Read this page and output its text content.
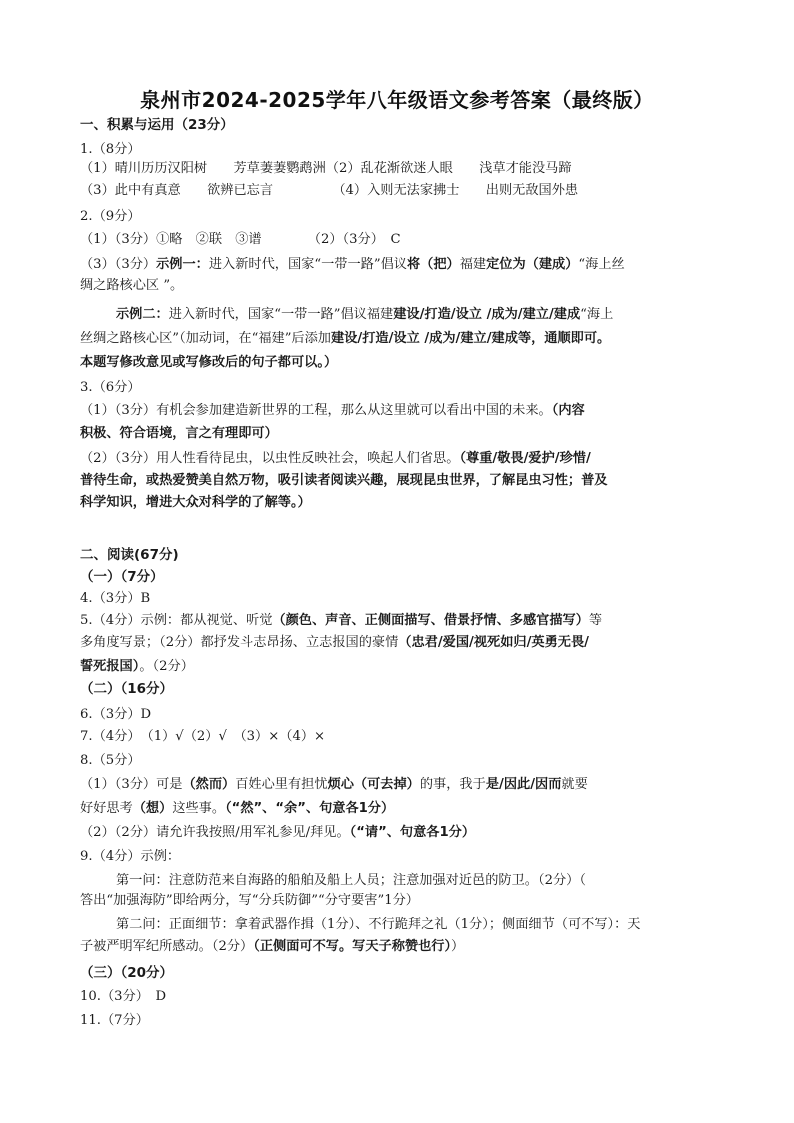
泉州市2024-2025学年八年级语文参考答案（最终版）
一、积累与运用（23分）
1.（8分）
（1）晴川历历汉阳树　　芳草萋萋鹦鹉洲（2）乱花渐欲迷人眼　　浅草才能没马蹄
（3）此中有真意　　欲辨已忘言　　　　　（4）入则无法家拂士　　出则无敌国外患
2.（9分）
（1）（3分）①略　②联　③谱　　　　（2）（3分）　C
（3）（3分）示例一：进入新时代，国家“一带一路”倡议将（把）福建定位为（建成）“海上丝
绸之路核心区 ”。
示例二：进入新时代，国家“一带一路”倡议福建建设/打造/设立 /成为/建立/建成“海上
丝绸之路核心区”（加动词，在“福建”后添加建设/打造/设立 /成为/建立/建成等，通顺即可。
本题写修改意见或写修改后的句子都可以。）
3.（6分）
（1）（3分）有机会参加建造新世界的工程，那么从这里就可以看出中国的未来。（内容
积极、符合语境，言之有理即可）
（2）（3分）用人性看待昆虫，以虫性反映社会，唤起人们省思。（尊重/敬畏/爱护/珍惜/
普待生命，或热爱赞美自然万物，吸引读者阅读兴趣，展现昆虫世界，了解昆虫习性；普及
科学知识，增进大众对科学的了解等。）
二、阅读(67分)
（一）（7分）
4.（3分）B
5.（4分）示例：都从视觉、听觉（颜色、声音、正侧面描写、借景抒情、多感官描写）等
多角度写景；（2分）都抒发斗志昂扬、立志报国的豪情（忠君/爱国/视死如归/英勇无畏/
誓死报国）。（2分）
（二）（16分）
6.（3分）D
7.（4分）　（1）√（2）√　（3）×（4）×
8.（5分）
（1）（3分）可是（然而）百姓心里有担忧烦心（可去掉）的事，我于是/因此/因而就要
好好思考（想）这些事。（“然”、“余”、句意各1分）
（2）（2分）请允许我按照/用军礼参见/拜见。（“请”、句意各1分）
9.（4分）示例：
第一问：注意防范来自海路的船舶及船上人员；注意加强对近邑的防卫。（2分）（
答出“加强海防”即给两分，写“分兵防御”“分守要害”1分）
第二问：正面细节：拿着武器作揖（1分）、不行跪拜之礼（1分）；侧面细节（可不写）：天
子被严明军纪所感动。（2分）（正侧面可不写。写天子称赞也行））
（三）（20分）
10.（3分）　D
11.（7分）
